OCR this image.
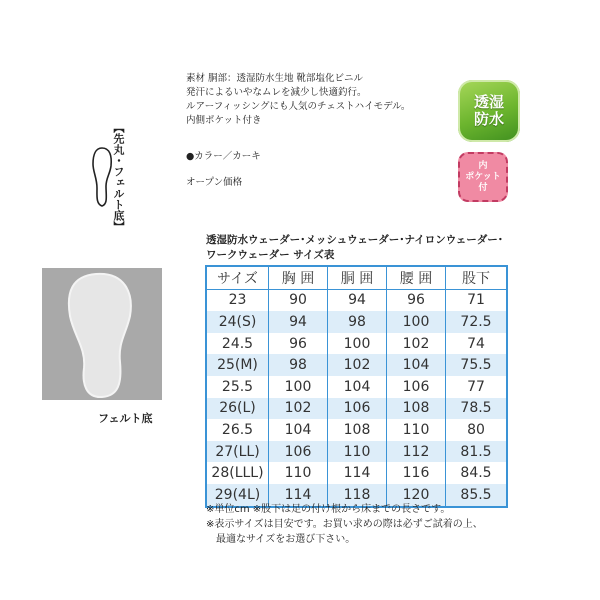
素材 胴部：透湿防水生地 靴部塩化ビニル
発汗によるいやなムレを減少し快適釣行。
ルアーフィッシングにも人気のチェストハイモデル。
内側ポケット付き
●カラー／カーキ
オープン価格
透湿
防水
内
ポケット
付
【先丸・フェルト底】
フェルト底
透湿防水ウェーダー･メッシュウェーダー･ナイロンウェーダー･
ワークウェーダー サイズ表
サイズ	胸 囲	胴 囲	腰 囲	股下
23	90	94	96	71
24(S)	94	98	100	72.5
24.5	96	100	102	74
25(M)	98	102	104	75.5
25.5	100	104	106	77
26(L)	102	106	108	78.5
26.5	104	108	110	80
27(LL)	106	110	112	81.5
28(LLL)	110	114	116	84.5
29(4L)	114	118	120	85.5
※単位cm ※股下は足の付け根から床までの長さです。
※表示サイズは目安です。お買い求めの際は必ずご試着の上、
最適なサイズをお選び下さい。
